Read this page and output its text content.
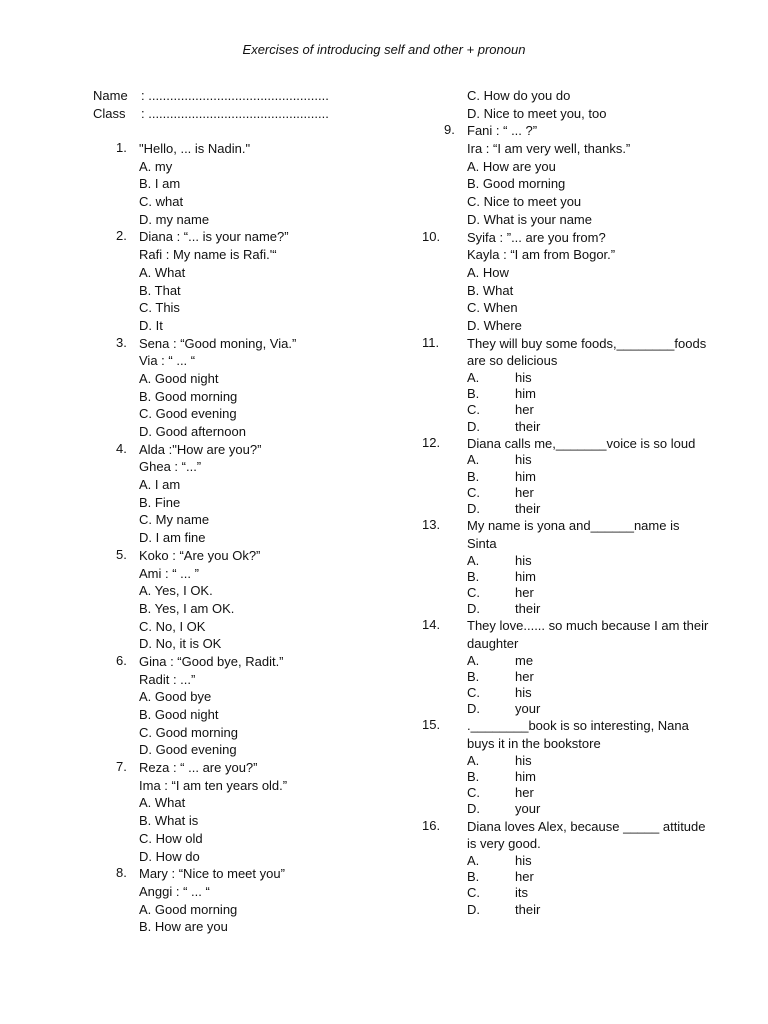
Exercises of introducing self and other + pronoun
Name : ..................................................
Class : ..................................................
1. "Hello, ... is Nadin."
A. my
B. I am
C. what
D. my name
2. Diana : “... is your name?”
Rafi : My name is Rafi.'“
A. What
B. That
C. This
D. It
3. Sena : “Good moning, Via.”
Via : “ ... “
A. Good night
B. Good morning
C. Good evening
D. Good afternoon
4. Alda :"How are you?”
Ghea : “...”
A. I am
B. Fine
C. My name
D. I am fine
5. Koko : “Are you Ok?”
Ami : “ ... ”
A. Yes, I OK.
B. Yes, I am OK.
C. No, I OK
D. No, it is OK
6. Gina : “Good bye, Radit.”
Radit : ...”
A. Good bye
B. Good night
C. Good morning
D. Good evening
7. Reza : “ ... are you?”
Ima : “I am ten years old.”
A. What
B. What is
C. How old
D. How do
8. Mary : “Nice to meet you”
Anggi : “ ... “
A. Good morning
B. How are you
C. How do you do
D. Nice to meet you, too
9. Fani : “ ... ?”
Ira : “I am very well, thanks.”
A. How are you
B. Good morning
C. Nice to meet you
D. What is your name
10. Syifa : ”... are you from?
Kayla : “I am from Bogor.”
A. How
B. What
C. When
D. Where
11. They will buy some foods,________foods
are so delicious
A.	his
B.	him
C.	her
D.	their
12. Diana calls me,_______voice is so loud
A.	his
B.	him
C.	her
D.	their
13. My name is yona and______name is
Sinta
A.	his
B.	him
C.	her
D.	their
14. They love...... so much because I am their
daughter
A.	me
B.	her
C.	his
D.	your
15. .________book is so interesting, Nana
buys it in the bookstore
A.	his
B.	him
C.	her
D.	your
16. Diana loves Alex, because _____ attitude
is very good.
A.	his
B.	her
C.	its
D.	their
